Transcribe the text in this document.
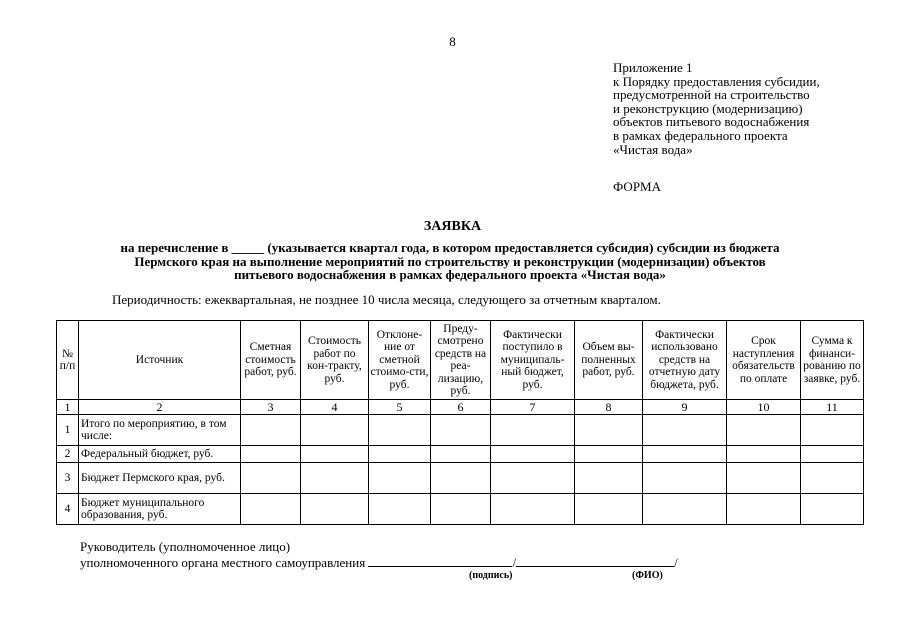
8
Приложение 1
к Порядку предоставления субсидии,
предусмотренной на строительство
и реконструкцию (модернизацию)
объектов питьевого водоснабжения
в рамках федерального проекта
«Чистая вода»
ФОРМА
ЗАЯВКА
на перечисление в _____ (указывается квартал года, в котором предоставляется субсидия) субсидии из бюджета
Пермского края на выполнение мероприятий по строительству и реконструкции (модернизации) объектов
питьевого водоснабжения в рамках федерального проекта «Чистая вода»
Периодичность: ежеквартальная, не позднее 10 числа месяца, следующего за отчетным кварталом.
№ п/п	Источник	Сметная стоимость работ, руб.	Стоимость работ по кон-тракту, руб.	Отклоне-ние от сметной стоимо-сти, руб.	Преду-смотрено средств на реа-лизацию, руб.	Фактически поступило в муниципаль-ный бюджет, руб.	Объем вы-полненных работ, руб.	Фактически использовано средств на отчетную дату бюджета, руб.	Срок наступления обязательств по оплате	Сумма к финанси-рованию по заявке, руб.
1	2	3	4	5	6	7	8	9	10	11
1	Итого по мероприятию, в том числе:									
2	Федеральный бюджет, руб.									
3	Бюджет Пермского края, руб.									
4	Бюджет муниципального образования, руб.									
Руководитель (уполномоченное лицо)
уполномоченного органа местного самоуправления	/	/
(подпись)	(ФИО)
